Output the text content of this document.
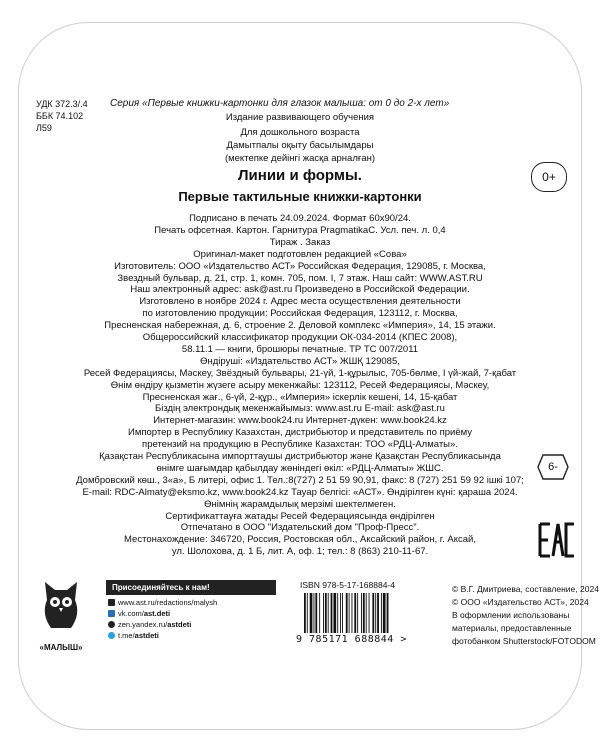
УДК 372.3/.4
ББК 74.102
Л59
Серия «Первые книжки-картонки для глазок малыша: от 0 до 2-х лет»
Издание развивающего обучения
Для дошкольного возраста
Дамытпалы оқыту басылымдары
(мектепке дейінгі жасқа арналған)
Линии и формы.
Первые тактильные книжки-картонки
0+
6-
Подписано в печать 24.09.2024. Формат 60х90/24.
Печать офсетная. Картон. Гарнитура PragmatikaC. Усл. печ. л. 0,4
Тираж . Заказ
Оригинал-макет подготовлен редакцией «Сова»
Изготовитель: ООО «Издательство АСТ» Российская Федерация, 129085, г. Москва,
Звездный бульвар, д. 21, стр. 1, комн. 705, пом. I, 7 этаж. Наш сайт: WWW.AST.RU
Наш электронный адрес: ask@ast.ru Произведено в Российской Федерации.
Изготовлено в ноябре 2024 г. Адрес места осуществления деятельности
по изготовлению продукции: Российская Федерация, 123112, г. Москва,
Пресненская набережная, д. 6, строение 2. Деловой комплекс «Империя», 14, 15 этажи.
Общероссийский классификатор продукции ОК-034-2014 (КПЕС 2008),
58.11.1 — книги, брошюры печатные. ТР ТС 007/2011
Өндіруші: «Издательство АСТ» ЖШҚ 129085,
Ресей Федерациясы, Мәскеу, Звёздный бульвары, 21-үй, 1-құрылыс, 705-бөлме, I үй-жай, 7-қабат
Өнім өндіру қызметін жүзеге асыру мекенжайы: 123112, Ресей Федерациясы, Мәскеу,
Пресненская жағ., 6-үй, 2-құр., «Империя» іскерлік кешені, 14, 15-қабат
Біздің электрондық мекенжайымыз: www.ast.ru E-mail: ask@ast.ru
Интернет-магазин: www.book24.ru Интернет-дүкен: www.book24.kz
Импортер в Республику Казахстан, дистрибьютор и представитель по приёму
претензий на продукцию в Республике Казахстан: ТОО «РДЦ-Алматы».
Қазақстан Республикасына импорттаушы дистрибьютор және Қазақстан Республикасында
өнімге шағымдар қабылдау жөніндегі өкіл: «РДЦ-Алматы» ЖШС.
Домбровский көш., 3«а», Б литері, офис 1. Тел.:8(727) 2 51 59 90,91, факс: 8 (727) 251 59 92 ішкі 107;
E-mail: RDC-Almaty@eksmo.kz, www.book24.kz Тауар белгісі: «АСТ». Өндірілген күні: қараша 2024.
Өнімнің жарамдылық мерзімі шектелмеген.
Сертификаттауға жатады Ресей Федерациясында өндірілген
Отпечатано в ООО "Издательский дом "Проф-Пресс".
Местонахождение: 346720, Россия, Ростовская обл., Аксайский район, г. Аксай,
ул. Шолохова, д. 1 Б, лит. А, оф. 1; тел.: 8 (863) 210-11-67.
«МАЛЫШ»
Присоединяйтесь к нам!
www.ast.ru/redactions/malysh
vk.com/ ast.deti
zen.yandex.ru/ astdeti
t.me/ astdeti
ISBN 978-5-17-168884-4
9 785171 688844 >
© В.Г. Дмитриева, составление, 2024
© ООО «Издательство АСТ», 2024
В оформлении использованы
материалы, предоставленные
фотобанком Shutterstock/FOTODOM
